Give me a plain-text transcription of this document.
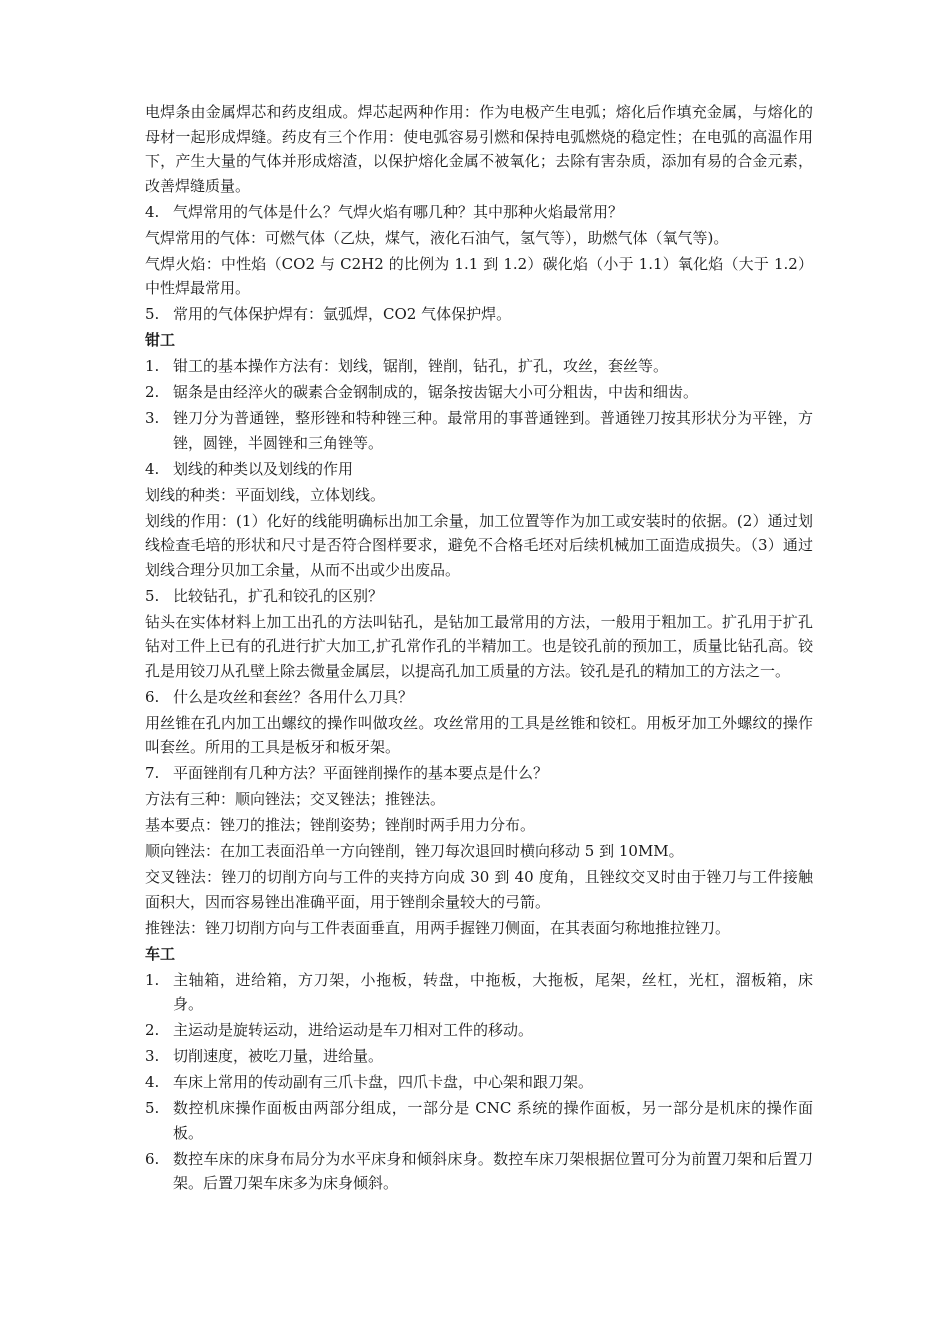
电焊条由金属焊芯和药皮组成。焊芯起两种作用：作为电极产生电弧；熔化后作填充金属，与熔化的母材一起形成焊缝。药皮有三个作用：使电弧容易引燃和保持电弧燃烧的稳定性；在电弧的高温作用下，产生大量的气体并形成熔渣，以保护熔化金属不被氧化；去除有害杂质，添加有易的合金元素，改善焊缝质量。

4. 气焊常用的气体是什么？气焊火焰有哪几种？其中那种火焰最常用？

气焊常用的气体：可燃气体（乙炔，煤气，液化石油气，氢气等），助燃气体（氧气等)。

气焊火焰：中性焰（CO2 与 C2H2 的比例为 1.1 到 1.2）碳化焰（小于 1.1）氧化焰（大于 1.2）中性焊最常用。

5. 常用的气体保护焊有：氩弧焊，CO2 气体保护焊。
钳工
1. 钳工的基本操作方法有：划线，锯削，锉削，钻孔，扩孔，攻丝，套丝等。
2. 锯条是由经淬火的碳素合金钢制成的，锯条按齿锯大小可分粗齿，中齿和细齿。
3. 锉刀分为普通锉，整形锉和特种锉三种。最常用的事普通锉到。普通锉刀按其形状分为平锉，方锉，圆锉，半圆锉和三角锉等。
4. 划线的种类以及划线的作用

划线的种类：平面划线，立体划线。

划线的作用：(1）化好的线能明确标出加工余量，加工位置等作为加工或安装时的依据。(2）通过划线检查毛培的形状和尺寸是否符合图样要求，避免不合格毛坯对后续机械加工面造成损失。（3）通过划线合理分贝加工余量，从而不出或少出废品。

5. 比较钻孔，扩孔和铰孔的区别？

钻头在实体材料上加工出孔的方法叫钻孔，是钻加工最常用的方法，一般用于粗加工。扩孔用于扩孔钻对工件上已有的孔进行扩大加工,扩孔常作孔的半精加工。也是铰孔前的预加工，质量比钻孔高。铰孔是用铰刀从孔壁上除去微量金属层，以提高孔加工质量的方法。铰孔是孔的精加工的方法之一。

6. 什么是攻丝和套丝？各用什么刀具？

用丝锥在孔内加工出螺纹的操作叫做攻丝。攻丝常用的工具是丝锥和铰杠。用板牙加工外螺纹的操作叫套丝。所用的工具是板牙和板牙架。

7. 平面锉削有几种方法？平面锉削操作的基本要点是什么？

方法有三种：顺向锉法；交叉锉法；推锉法。

基本要点：锉刀的推法；锉削姿势；锉削时两手用力分布。

顺向锉法：在加工表面沿单一方向锉削，锉刀每次退回时横向移动 5 到 10MM。

交叉锉法：锉刀的切削方向与工件的夹持方向成 30 到 40 度角，且锉纹交叉时由于锉刀与工件接触面积大，因而容易锉出准确平面，用于锉削余量较大的弓箭。

推锉法：锉刀切削方向与工件表面垂直，用两手握锉刀侧面，在其表面匀称地推拉锉刀。

车工
1. 主轴箱，进给箱，方刀架，小拖板，转盘，中拖板，大拖板，尾架，丝杠，光杠，溜板箱，床身。
2. 主运动是旋转运动，进给运动是车刀相对工件的移动。
3. 切削速度，被吃刀量，进给量。
4. 车床上常用的传动副有三爪卡盘，四爪卡盘，中心架和跟刀架。
5. 数控机床操作面板由两部分组成，一部分是 CNC 系统的操作面板，另一部分是机床的操作面板。
6. 数控车床的床身布局分为水平床身和倾斜床身。数控车床刀架根据位置可分为前置刀架和后置刀架。后置刀架车床多为床身倾斜。
